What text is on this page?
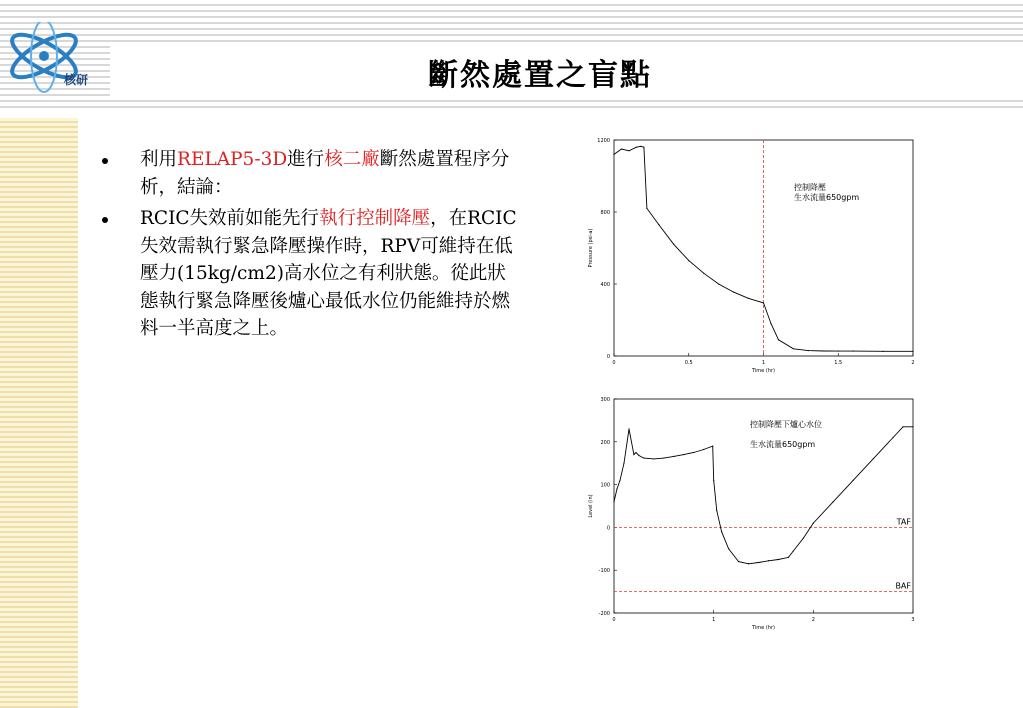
核研	斷然處置之盲點
利用RELAP5-3D進行核二廠斷然處置程序分析，結論：
RCIC失效前如能先行執行控制降壓，在RCIC失效需執行緊急降壓操作時，RPV可維持在低壓力(15kg/cm2)高水位之有利狀態。從此狀態執行緊急降壓後爐心最低水位仍能維持於燃料一半高度之上。
0	0.5	1	1.5	2
0
400
800
1200
Time (hr)
Pressure (psi-a)
控制降壓
生水流量650gpm
0	1	2	3
-200
-100
0
100
200
300
Time (hr)
Level (in)
TAF
BAF
控制降壓下爐心水位
生水流量650gpm
